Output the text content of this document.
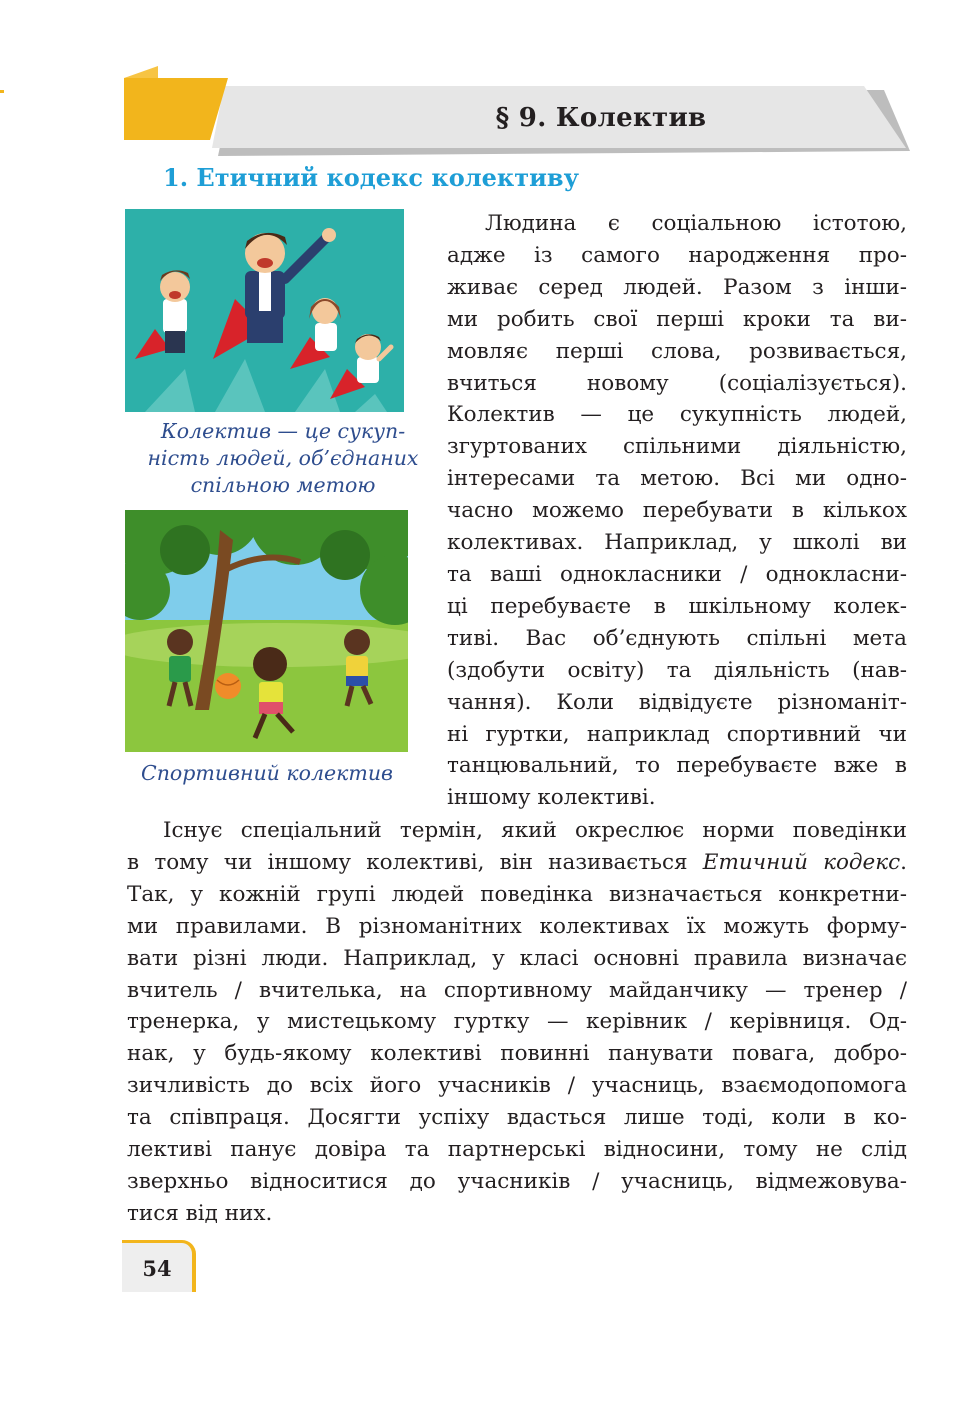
§ 9. Колектив
1. Етичний кодекс колективу
Колектив — це сукуп-
ність людей, об’єднаних
спільною метою
Спортивний колектив
Людина є соціальною істотою,
адже із самого народження про-
живає серед людей. Разом з інши-
ми робить свої перші кроки та ви-
мовляє перші слова, розвивається,
вчиться новому (соціалізується).
Колектив — це сукупність людей,
згуртованих спільними діяльністю,
інтересами та метою. Всі ми одно-
часно можемо перебувати в кількох
колективах. Наприклад, у школі ви
та ваші однокласники / однокласни-
ці перебуваєте в шкільному колек-
тиві. Вас об’єднують спільні мета
(здобути освіту) та діяльність (нав-
чання). Коли відвідуєте різноманіт-
ні гуртки, наприклад спортивний чи
танцювальний, то перебуваєте вже в
іншому колективі.
Існує спеціальний термін, який окреслює норми поведінки
в тому чи іншому колективі, він називається Етичний кодекс.
Так, у кожній групі людей поведінка визначається конкретни-
ми правилами. В різноманітних колективах їх можуть форму-
вати різні люди. Наприклад, у класі основні правила визначає
вчитель / вчителька, на спортивному майданчику — тренер /
тренерка, у мистецькому гуртку — керівник / керівниця. Од-
нак, у будь-якому колективі повинні панувати повага, добро-
зичливість до всіх його учасників / учасниць, взаємодопомога
та співпраця. Досягти успіху вдасться лише тоді, коли в ко-
лективі панує довіра та партнерські відносини, тому не слід
зверхньо відноситися до учасників / учасниць, відмежовува-
тися від них.
54
